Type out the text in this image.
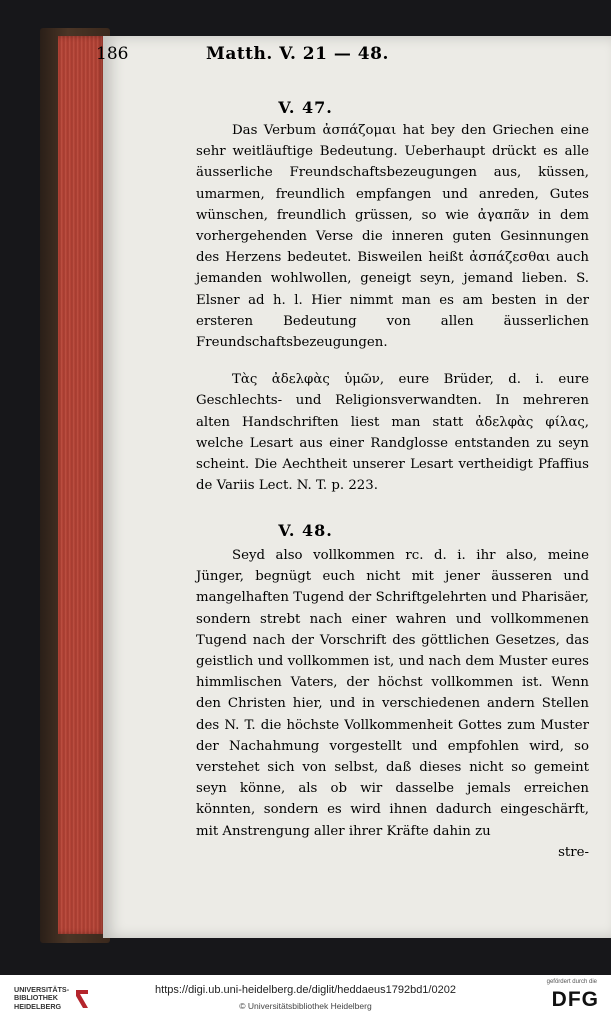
186	Matth. V. 21 — 48.
V. 47.

Das Verbum ἀσπάζομαι hat bey den Griechen eine sehr weitläuftige Bedeutung. Ueberhaupt drückt es alle äusserliche Freundschaftsbezeugungen aus, küssen, umarmen, freundlich empfangen und anreden, Gutes wünschen, freundlich grüssen, so wie ἀγαπᾶν in dem vorhergehenden Verse die inneren guten Gesinnungen des Herzens bedeutet. Bisweilen heißt ἀσπάζεσθαι auch jemanden wohlwollen, geneigt seyn, jemand lieben. S. Elsner ad h. l. Hier nimmt man es am besten in der ersteren Bedeutung von allen äusserlichen Freundschaftsbezeugungen.

Τὰς ἀδελφὰς ὑμῶν, eure Brüder, d. i. eure Geschlechts- und Religionsverwandten. In mehreren alten Handschriften liest man statt ἀδελφὰς φίλας, welche Lesart aus einer Randglosse entstanden zu seyn scheint. Die Aechtheit unserer Lesart vertheidigt Pfaffius de Variis Lect. N. T. p. 223.

V. 48.

Seyd also vollkommen rc. d. i. ihr also, meine Jünger, begnügt euch nicht mit jener äusseren und mangelhaften Tugend der Schriftgelehrten und Pharisäer, sondern strebt nach einer wahren und vollkommenen Tugend nach der Vorschrift des göttlichen Gesetzes, das geistlich und vollkommen ist, und nach dem Muster eures himmlischen Vaters, der höchst vollkommen ist. Wenn den Christen hier, und in verschiedenen andern Stellen des N. T. die höchste Vollkommenheit Gottes zum Muster der Nachahmung vorgestellt und empfohlen wird, so verstehet sich von selbst, daß dieses nicht so gemeint seyn könne, als ob wir dasselbe jemals erreichen könnten, sondern es wird ihnen dadurch eingeschärft, mit Anstrengung aller ihrer Kräfte dahin zu

stre-
UNIVERSITÄTS-
BIBLIOTHEK
HEIDELBERG
https://digi.ub.uni-heidelberg.de/diglit/heddaeus1792bd1/0202
© Universitätsbibliothek Heidelberg
gefördert durch die
DFG
